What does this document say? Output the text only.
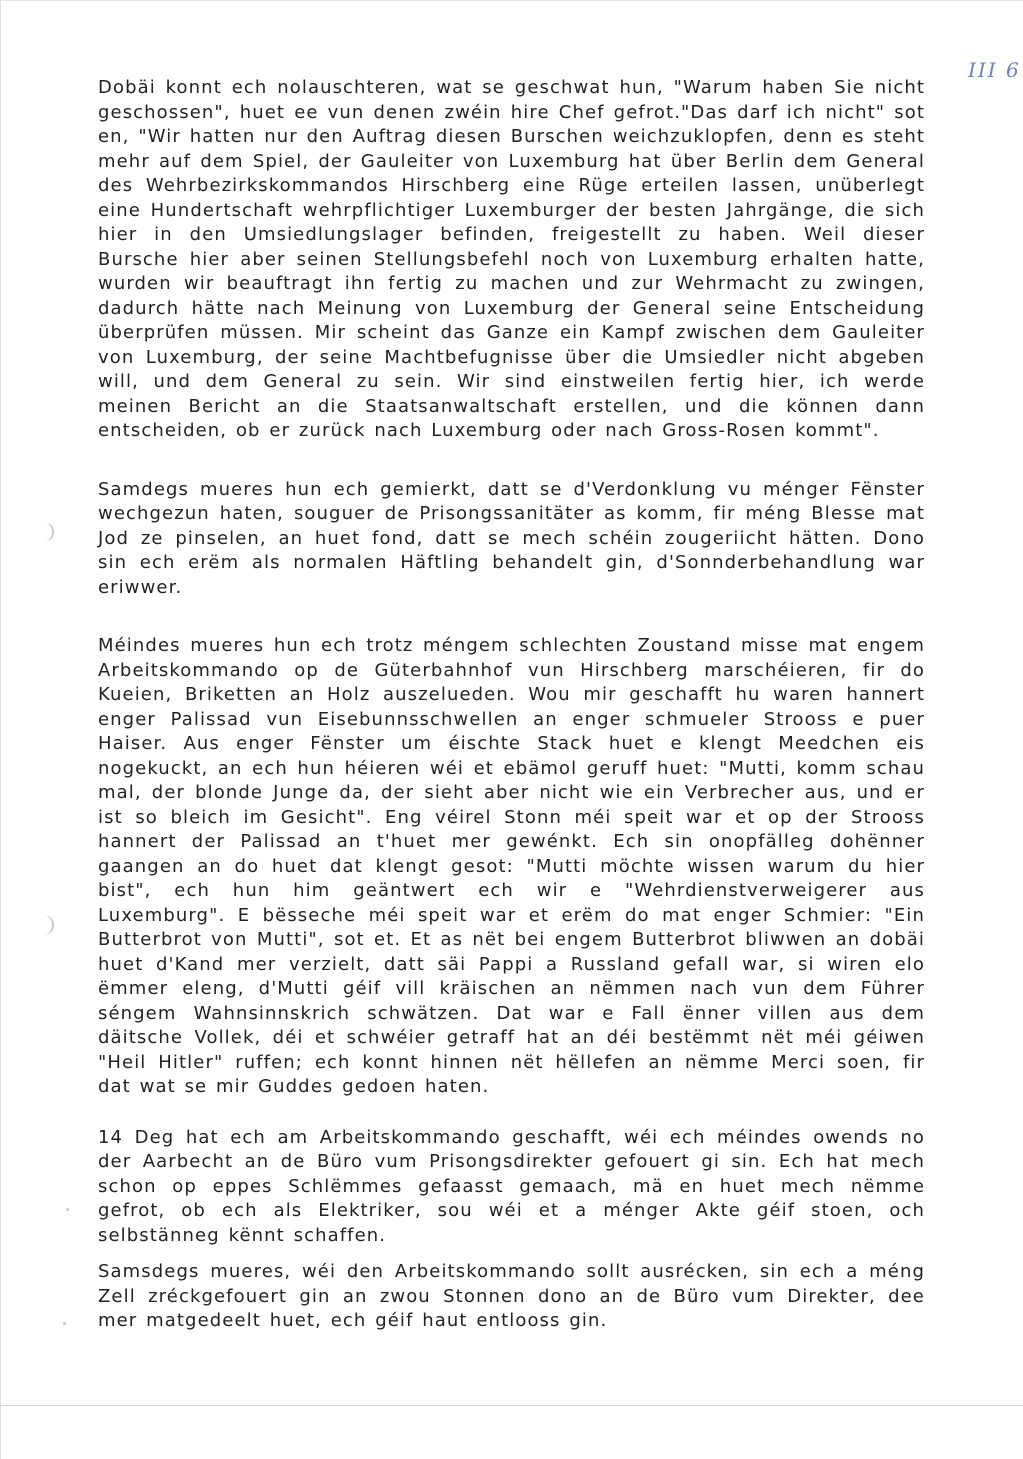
III 6

Dobäi konnt ech nolauschteren, wat se geschwat hun, "Warum haben Sie nicht geschossen", huet ee vun denen zwéin hire Chef gefrot."Das darf ich nicht" sot en, "Wir hatten nur den Auftrag diesen Burschen weichzuklopfen, denn es steht mehr auf dem Spiel, der Gauleiter von Luxemburg hat über Berlin dem General des Wehrbezirkskommandos Hirschberg eine Rüge erteilen lassen, unüberlegt eine Hundertschaft wehrpflichtiger Luxemburger der besten Jahrgänge, die sich hier in den Umsiedlungslager befinden, freigestellt zu haben. Weil dieser Bursche hier aber seinen Stellungsbefehl noch von Luxemburg erhalten hatte, wurden wir beauftragt ihn fertig zu machen und zur Wehrmacht zu zwingen, dadurch hätte nach Meinung von Luxemburg der General seine Entscheidung überprüfen müssen. Mir scheint das Ganze ein Kampf zwischen dem Gauleiter von Luxemburg, der seine Machtbefugnisse über die Umsiedler nicht abgeben will, und dem General zu sein. Wir sind einstweilen fertig hier, ich werde meinen Bericht an die Staatsanwaltschaft erstellen, und die können dann entscheiden, ob er zurück nach Luxemburg oder nach Gross-Rosen kommt".

Samdegs mueres hun ech gemierkt, datt se d'Verdonklung vu ménger Fënster wechgezun haten, souguer de Prisongssanitäter as komm, fir méng Blesse mat Jod ze pinselen, an huet fond, datt se mech schéin zougeriicht hätten. Dono sin ech erëm als normalen Häftling behandelt gin, d'Sonnderbehandlung war eriwwer.

Méindes mueres hun ech trotz méngem schlechten Zoustand misse mat engem Arbeitskommando op de Güterbahnhof vun Hirschberg marschéieren, fir do Kueien, Briketten an Holz auszelueden. Wou mir geschafft hu waren hannert enger Palissad vun Eisebunnsschwellen an enger schmueler Strooss e puer Haiser. Aus enger Fënster um éischte Stack huet e klengt Meedchen eis nogekuckt, an ech hun héieren wéi et ebämol geruff huet: "Mutti, komm schau mal, der blonde Junge da, der sieht aber nicht wie ein Verbrecher aus, und er ist so bleich im Gesicht". Eng véirel Stonn méi speit war et op der Strooss hannert der Palissad an t'huet mer gewénkt. Ech sin onopfälleg dohënner gaangen an do huet dat klengt gesot: "Mutti möchte wissen warum du hier bist", ech hun him geäntwert ech wir e "Wehrdienstverweigerer aus Luxemburg". E bësseche méi speit war et erëm do mat enger Schmier: "Ein Butterbrot von Mutti", sot et. Et as nët bei engem Butterbrot bliwwen an dobäi huet d'Kand mer verzielt, datt säi Pappi a Russland gefall war, si wiren elo ëmmer eleng, d'Mutti géif vill kräischen an nëmmen nach vun dem Führer séngem Wahnsinnskrich schwätzen. Dat war e Fall ënner villen aus dem däitsche Vollek, déi et schwéier getraff hat an déi bestëmmt nët méi géiwen "Heil Hitler" ruffen; ech konnt hinnen nët hëllefen an nëmme Merci soen, fir dat wat se mir Guddes gedoen haten.

14 Deg hat ech am Arbeitskommando geschafft, wéi ech méindes owends no der Aarbecht an de Büro vum Prisongsdirekter gefouert gi sin. Ech hat mech schon op eppes Schlëmmes gefaasst gemaach, mä en huet mech nëmme gefrot, ob ech als Elektriker, sou wéi et a ménger Akte géif stoen, och selbstänneg kënnt schaffen.

Samsdegs mueres, wéi den Arbeitskommando sollt ausrécken, sin ech a méng Zell zréckgefouert gin an zwou Stonnen dono an de Büro vum Direkter, dee mer matgedeelt huet, ech géif haut entlooss gin.
